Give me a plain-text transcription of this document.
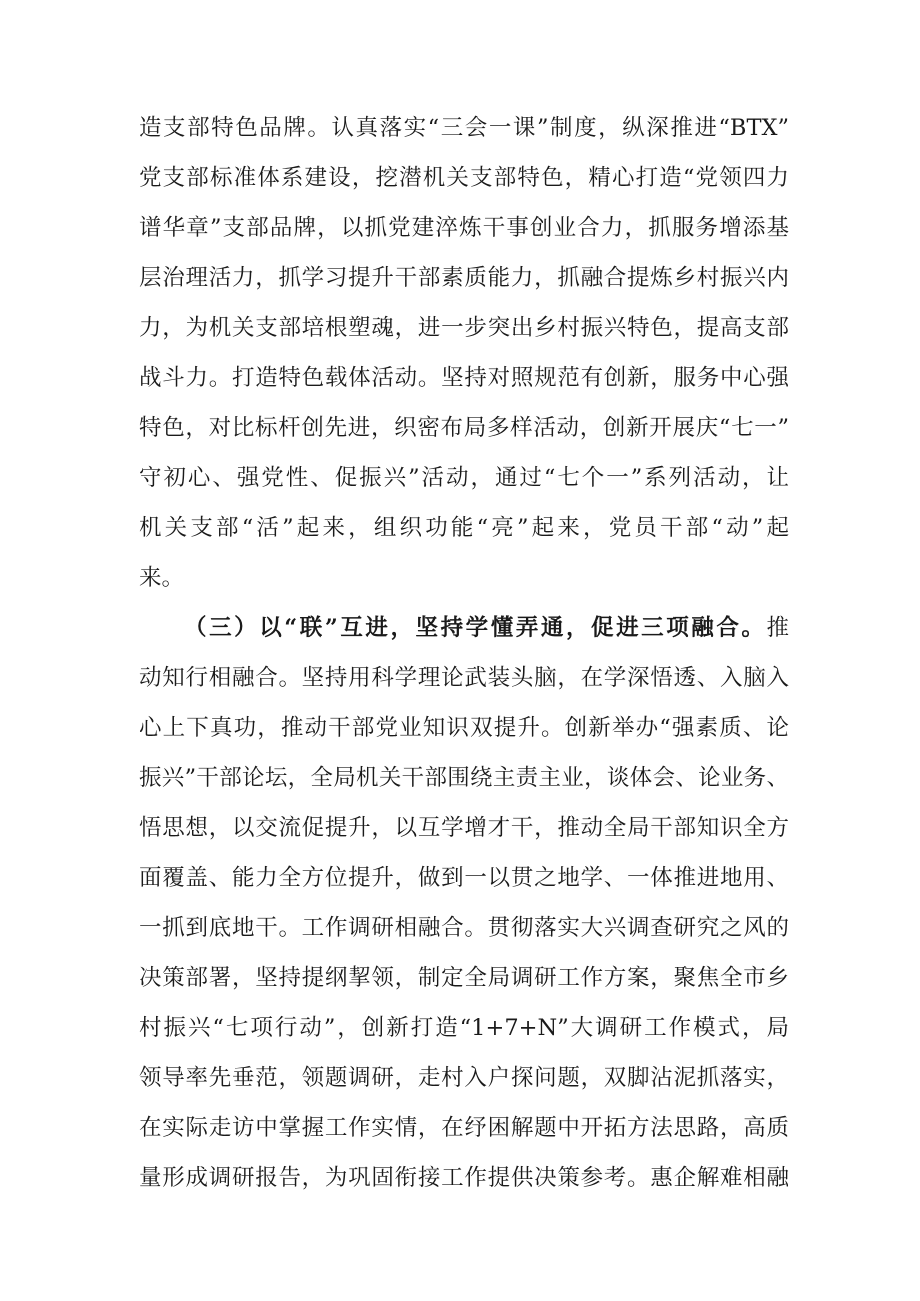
造支部特色品牌。认真落实“三会一课”制度，纵深推进“BTX”
党支部标准体系建设，挖潜机关支部特色，精心打造“党领四力
谱华章”支部品牌，以抓党建淬炼干事创业合力，抓服务增添基
层治理活力，抓学习提升干部素质能力，抓融合提炼乡村振兴内
力，为机关支部培根塑魂，进一步突出乡村振兴特色，提高支部
战斗力。打造特色载体活动。坚持对照规范有创新，服务中心强
特色，对比标杆创先进，织密布局多样活动，创新开展庆“七一”
守初心、强党性、促振兴”活动，通过“七个一”系列活动，让
机关支部“活”起来，组织功能“亮”起来，党员干部“动”起
来。
（三）以“联”互进，坚持学懂弄通，促进三项融合。推
动知行相融合。坚持用科学理论武装头脑，在学深悟透、入脑入
心上下真功，推动干部党业知识双提升。创新举办“强素质、论
振兴”干部论坛，全局机关干部围绕主责主业，谈体会、论业务、
悟思想，以交流促提升，以互学增才干，推动全局干部知识全方
面覆盖、能力全方位提升，做到一以贯之地学、一体推进地用、
一抓到底地干。工作调研相融合。贯彻落实大兴调查研究之风的
决策部署，坚持提纲挈领，制定全局调研工作方案，聚焦全市乡
村振兴“七项行动”，创新打造“1+7+N”大调研工作模式，局
领导率先垂范，领题调研，走村入户探问题，双脚沾泥抓落实，
在实际走访中掌握工作实情，在纾困解题中开拓方法思路，高质
量形成调研报告，为巩固衔接工作提供决策参考。惠企解难相融
